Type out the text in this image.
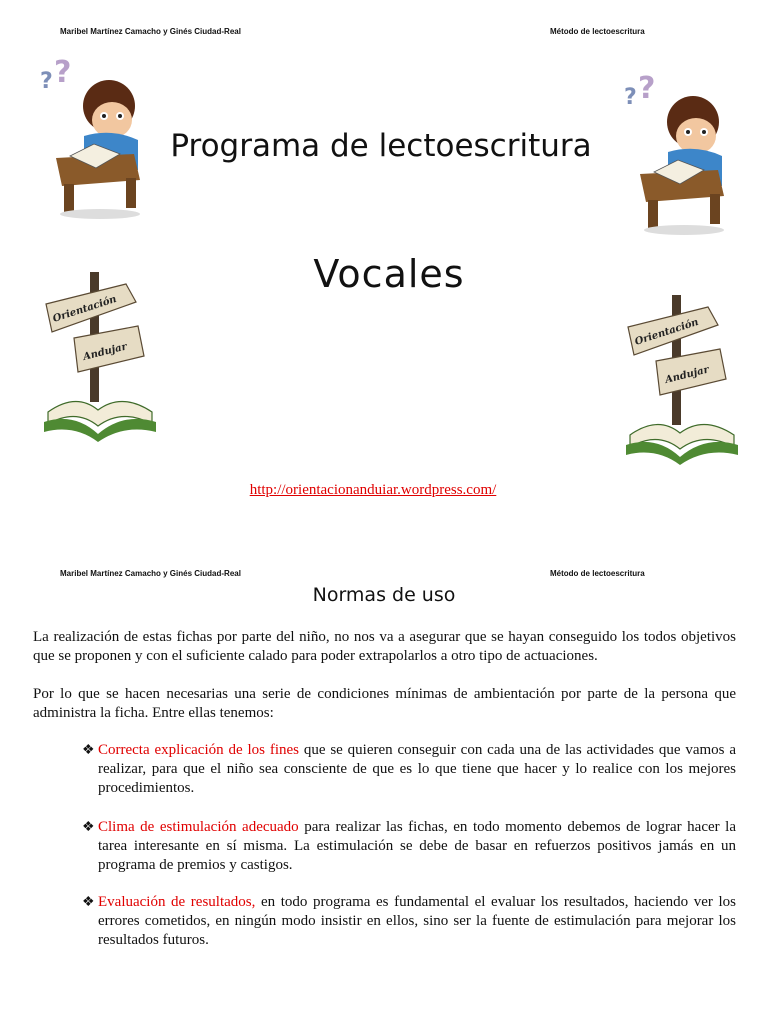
Maribel Martínez Camacho y Ginés Ciudad-Real	Método de lectoescritura
? ?
? ?
Programa de lectoescritura
Vocales
Orientación
Andujar
Orientación
Andujar
http://orientacionanduiar.wordpress.com/
Maribel Martínez Camacho y Ginés Ciudad-Real	Método de lectoescritura
Normas de uso
La realización de estas fichas por parte del niño, no nos va a asegurar que se hayan conseguido los todos objetivos que se proponen y con el suficiente calado para poder extrapolarlos a otro tipo de actuaciones.
Por lo que se hacen necesarias una serie de condiciones mínimas de ambientación por parte de la persona que administra la ficha. Entre ellas tenemos:
❖ Correcta explicación de los fines que se quieren conseguir con cada una de las actividades que vamos a realizar, para que el niño sea consciente de que es lo que tiene que hacer y lo realice con los mejores procedimientos.
❖ Clima de estimulación adecuado para realizar las fichas, en todo momento debemos de lograr hacer la tarea interesante en sí misma. La estimulación se debe de basar en refuerzos positivos jamás en un programa de premios y castigos.
❖ Evaluación de resultados, en todo programa es fundamental el evaluar los resultados, haciendo ver los errores cometidos, en ningún modo insistir en ellos, sino ser la fuente de estimulación para mejorar los resultados futuros.
